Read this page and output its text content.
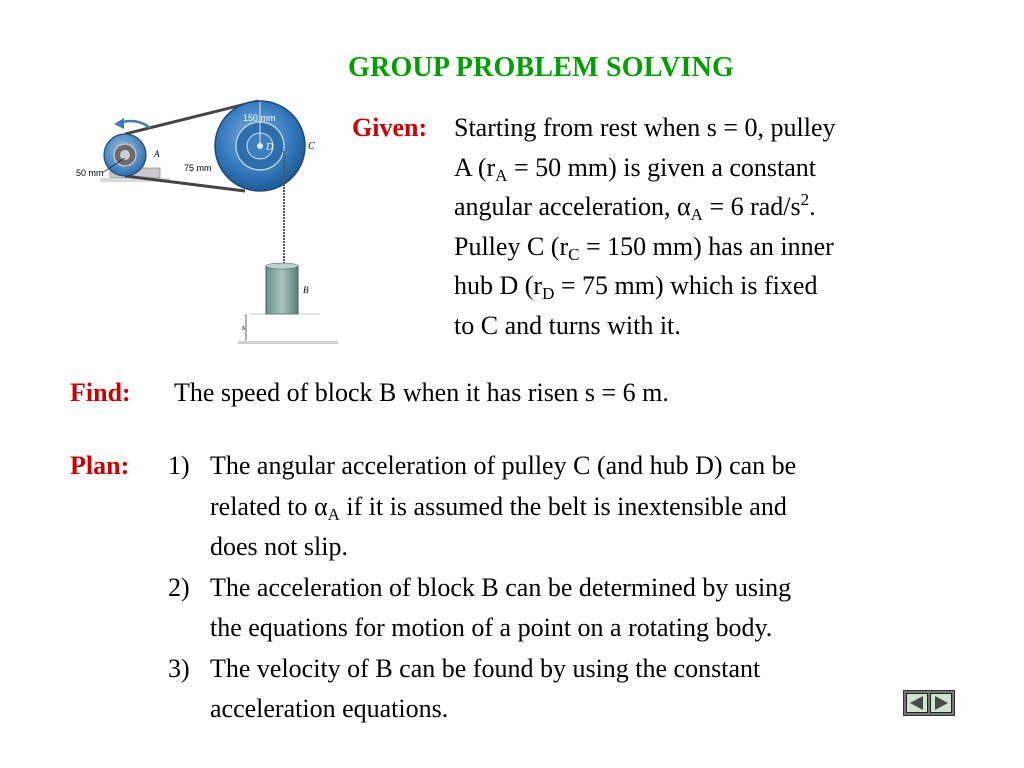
GROUP PROBLEM SOLVING
150 mm
50 mm	75 mm
A
C
D
B
s
Given: Starting from rest when s = 0, pulley
A ($r_A = 50$ mm) is given a constant
angular acceleration, $\alpha_A = 6$ rad/$s^2$.
Pulley C ($r_C = 150$ mm) has an inner
hub D ($r_D = 75$ mm) which is fixed
to C and turns with it.
Find: The speed of block B when it has risen s = 6 m.
Plan: 1) The angular acceleration of pulley C (and hub D) can be
related to $\alpha_A$ if it is assumed the belt is inextensible and
does not slip.
2) The acceleration of block B can be determined by using
the equations for motion of a point on a rotating body.
3) The velocity of B can be found by using the constant
acceleration equations.
